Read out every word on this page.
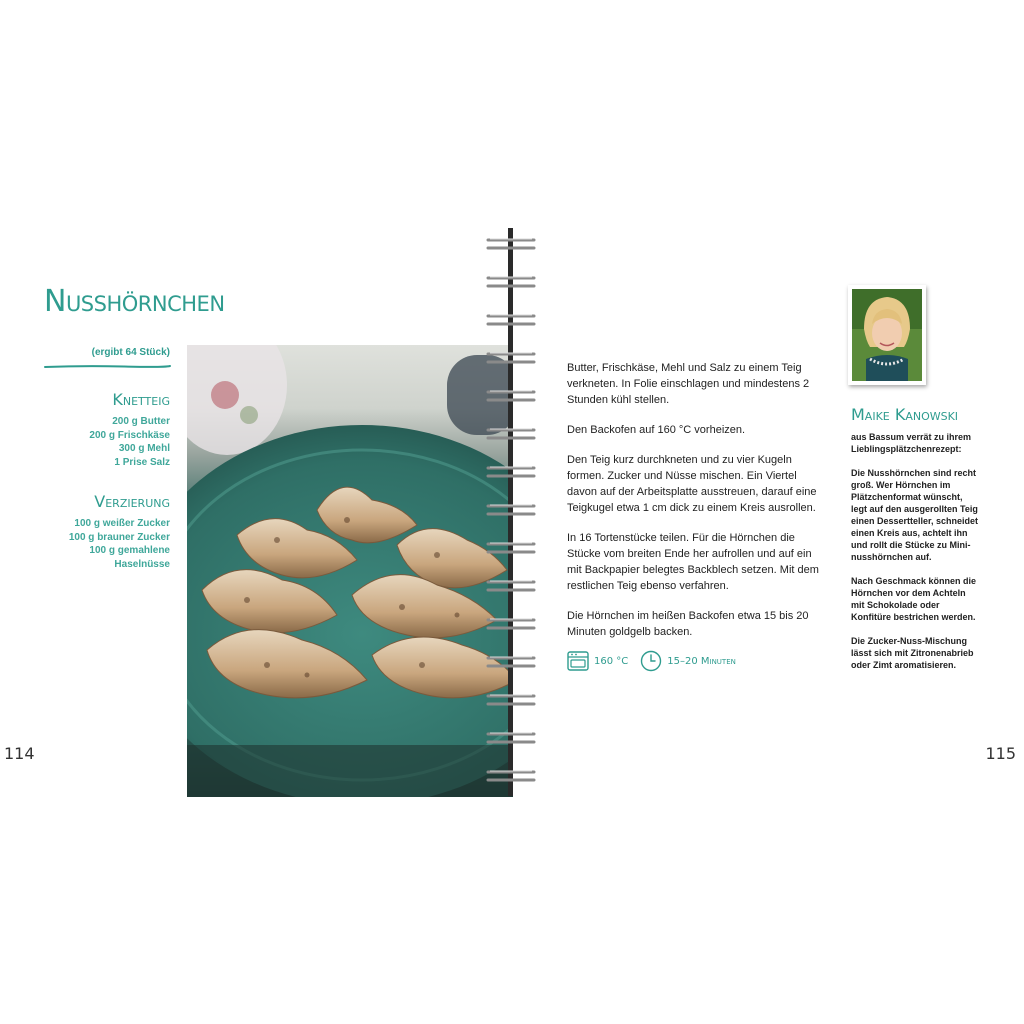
Nusshörnchen
(ergibt 64 Stück)
Knetteig
200 g Butter
200 g Frischkäse
300 g Mehl
1 Prise Salz
Verzierung
100 g weißer Zucker
100 g brauner Zucker
100 g gemahlene Haselnüsse
114

Butter, Frischkäse, Mehl und Salz zu einem Teig verkneten. In Folie einschlagen und mindestens 2 Stunden kühl stellen.

Den Backofen auf 160 °C vorheizen.

Den Teig kurz durchkneten und zu vier Kugeln formen. Zucker und Nüsse mischen. Ein Viertel davon auf der Arbeitsplatte ausstreuen, darauf eine Teigkugel etwa 1 cm dick zu einem Kreis ausrollen.

In 16 Tortenstücke teilen. Für die Hörnchen die Stücke vom breiten Ende her aufrollen und auf ein mit Backpapier belegtes Backblech setzen. Mit dem restlichen Teig ebenso verfahren.

Die Hörnchen im heißen Backofen etwa 15 bis 20 Minuten goldgelb backen.

160 °C	15–20 Minuten
Maike Kanowski

aus Bassum verrät zu ihrem Lieblingsplätzchenrezept:

Die Nusshörnchen sind recht groß. Wer Hörnchen im Plätzchenformat wünscht, legt auf den ausgerollten Teig einen Dessertteller, schneidet einen Kreis aus, achtelt ihn und rollt die Stücke zu Mini-nusshörnchen auf.

Nach Geschmack können die Hörnchen vor dem Achteln mit Schokolade oder Konfitüre bestrichen werden.

Die Zucker-Nuss-Mischung lässt sich mit Zitronenabrieb oder Zimt aromatisieren.

115
